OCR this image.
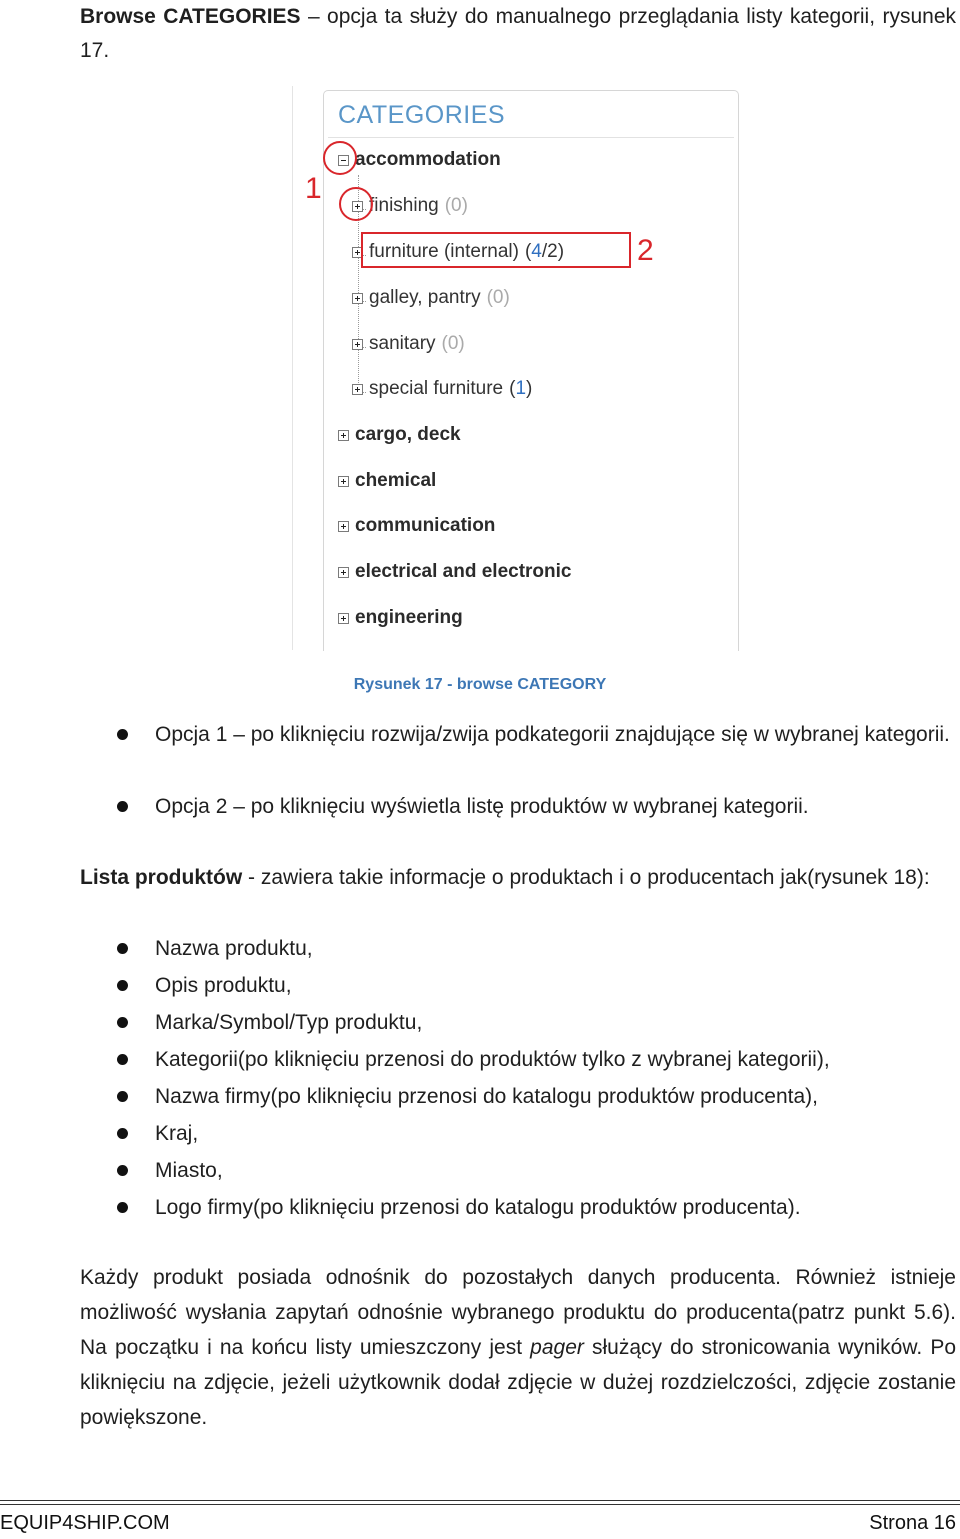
Browse CATEGORIES – opcja ta służy do manualnego przeglądania listy kategorii, rysunek 17.
CATEGORIES
accommodation
finishing (0)
furniture (internal) (4/2)
galley, pantry (0)
sanitary (0)
special furniture (1)
cargo, deck
chemical
communication
electrical and electronic
engineering
1
2
Rysunek 17 - browse CATEGORY
Opcja 1 – po kliknięciu rozwija/zwija podkategorii znajdujące się w wybranej kategorii.
Opcja 2 – po kliknięciu wyświetla listę produktów w wybranej kategorii.
Lista produktów - zawiera takie informacje o produktach i o producentach jak(rysunek 18):
Nazwa produktu,
Opis produktu,
Marka/Symbol/Typ produktu,
Kategorii(po kliknięciu przenosi do produktów tylko z wybranej kategorii),
Nazwa firmy(po kliknięciu przenosi do katalogu produktów producenta),
Kraj,
Miasto,
Logo firmy(po kliknięciu przenosi do katalogu produktów producenta).
Każdy produkt posiada odnośnik do pozostałych danych producenta. Również istnieje możliwość wysłania zapytań odnośnie wybranego produktu do producenta(patrz punkt 5.6). Na początku i na końcu listy umieszczony jest pager służący do stronicowania wyników. Po kliknięciu na zdjęcie, jeżeli użytkownik dodał zdjęcie w dużej rozdzielczości, zdjęcie zostanie powiększone.
EQUIP4SHIP.COM	Strona 16
